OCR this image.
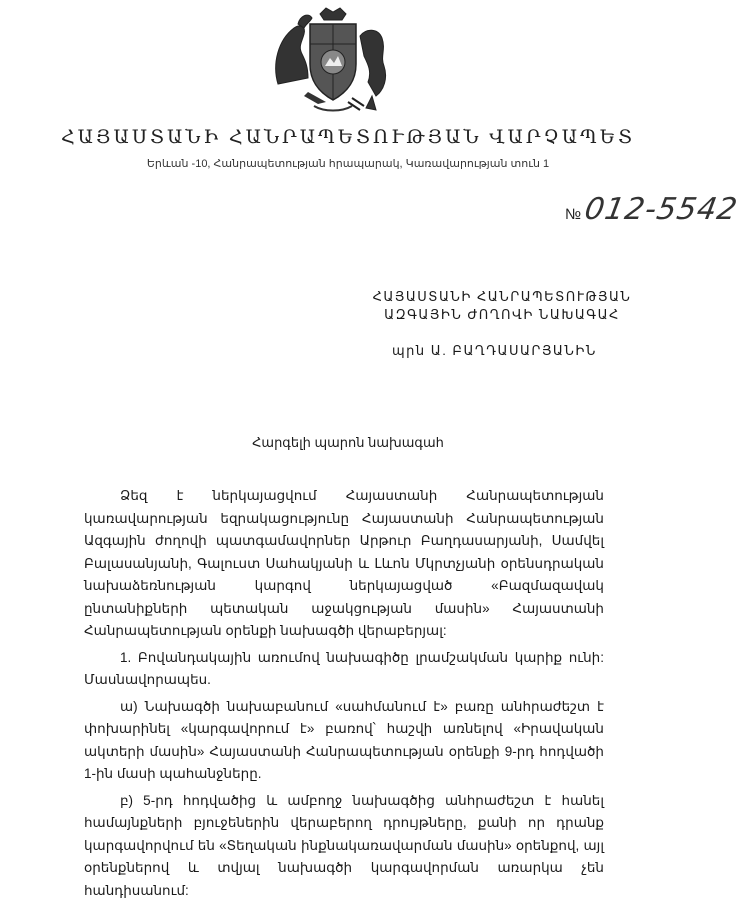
ՀԱՅԱՍՏԱՆԻ ՀԱՆՐԱՊԵՏՈՒԹՅԱՆ ՎԱՐՉԱՊԵՏ
Երևան -10, Հանրապետության հրապարակ, Կառավարության տուն 1
№ 012-5542
ՀԱՅԱՍՏԱՆԻ ՀԱՆՐԱՊԵՏՈՒԹՅԱՆ
ԱԶԳԱՅԻՆ ԺՈՂՈՎԻ ՆԱԽԱԳԱՀ
պրն Ա. ԲԱՂԴԱՍԱՐՅԱՆԻՆ
Հարգելի պարոն նախագահ

Ձեզ է ներկայացվում Հայաստանի Հանրապետության կառավարության եզրակացությունը Հայաստանի Հանրապետության Ազգային ժողովի պատգամավորներ Արթուր Բաղդասարյանի, Սամվել Բալասանյանի, Գալուստ Սահակյանի և Լևոն Մկրտչյանի օրենսդրական նախաձեռնության կարգով ներկայացված «Բազմազավակ ընտանիքների պետական աջակցության մասին» Հայաստանի Հանրապետության օրենքի նախագծի վերաբերյալ:

1. Բովանդակային առումով նախագիծը լրամշակման կարիք ունի: Մասնավորապես.

ա) Նախագծի նախաբանում «սահմանում է» բառը անհրաժեշտ է փոխարինել «կարգավորում է» բառով՝ հաշվի առնելով «Իրավական ակտերի մասին» Հայաստանի Հանրապետության օրենքի 9-րդ հոդվածի 1-ին մասի պահանջները.

բ) 5-րդ հոդվածից և ամբողջ նախագծից անհրաժեշտ է հանել համայնքների բյուջեներին վերաբերող դրույթները, քանի որ դրանք կարգավորվում են «Տեղական ինքնակառավարման մասին» օրենքով, այլ օրենքներով և տվյալ նախագծի կարգավորման առարկա չեն հանդիսանում:
